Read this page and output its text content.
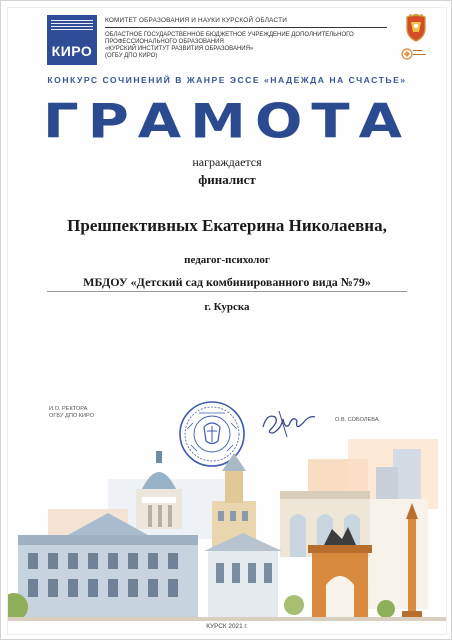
КИРО
КОМИТЕТ ОБРАЗОВАНИЯ И НАУКИ КУРСКОЙ ОБЛАСТИ
ОБЛАСТНОЕ ГОСУДАРСТВЕННОЕ БЮДЖЕТНОЕ УЧРЕЖДЕНИЕ ДОПОЛНИТЕЛЬНОГО
ПРОФЕССИОНАЛЬНОГО ОБРАЗОВАНИЯ
«КУРСКИЙ ИНСТИТУТ РАЗВИТИЯ ОБРАЗОВАНИЯ»
(ОГБУ ДПО КИРО)
▬▬▬
▬▬▬▬
КОНКУРС СОЧИНЕНИЙ В ЖАНРЕ ЭССЕ «НАДЕЖДА НА СЧАСТЬЕ»
ГРАМОТА
награждается
финалист
Прешпективных Екатерина Николаевна,
педагог-психолог
МБДОУ «Детский сад комбинированного вида №79»
г. Курска
И.О. РЕКТОРА
ОГБУ ДПО КИРО
О.В. СОБОЛЕВА
КУРСК 2021 г.
